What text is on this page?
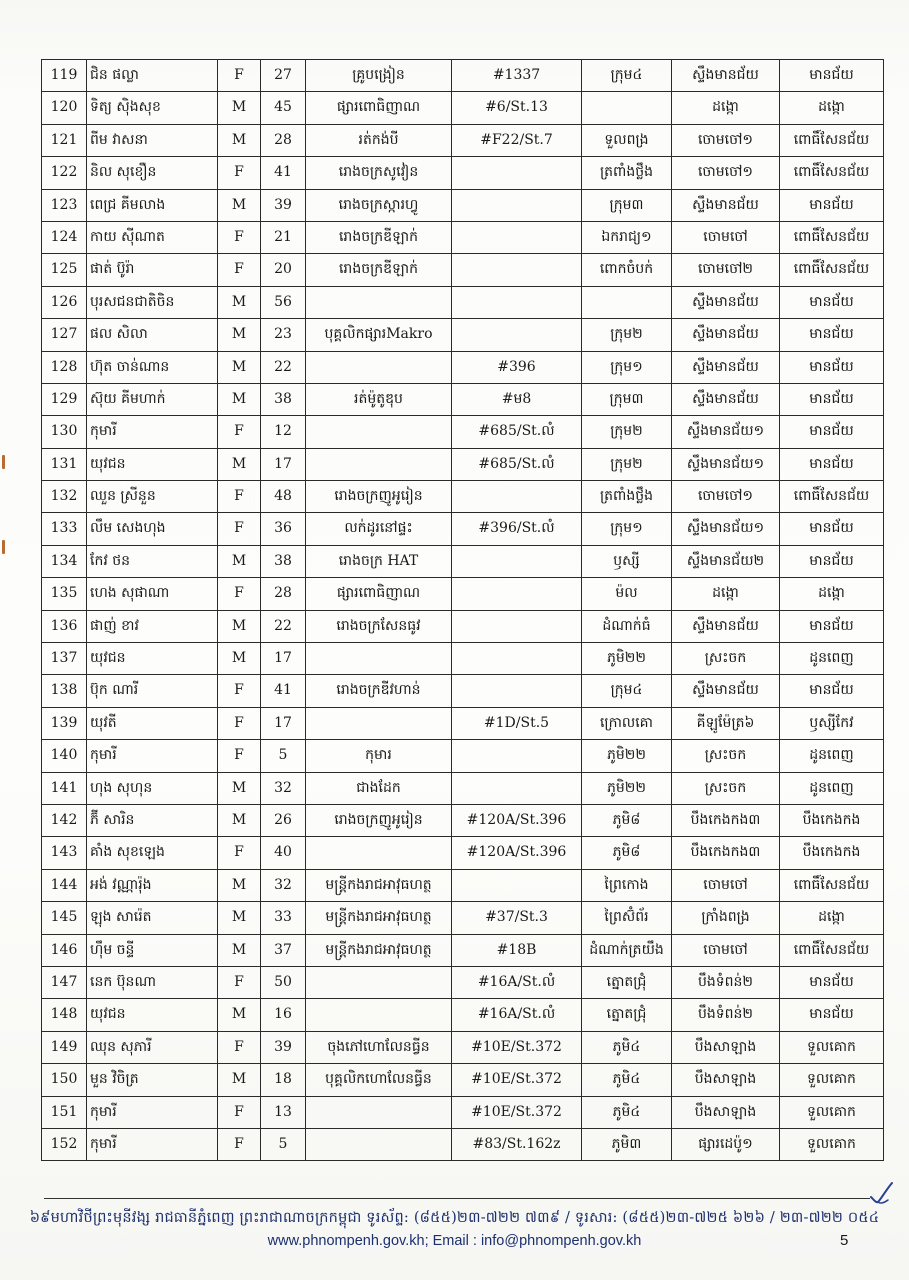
119	ជិន ផល្លា	F	27	គ្រូបង្រៀន	#1337	ក្រុម៤	ស្ទឹងមានជ័យ	មានជ័យ
120	ទិត្យ ស៊ិងសុខ	M	45	ផ្សារពោធិញាណ	#6/St.13		ដង្កោ	ដង្កោ
121	ពីម វាសនា	M	28	រត់កង់បី	#F22/St.7	ទួលពង្រ	ចោមចៅ១	ពោធិ៍សែនជ័យ
122	និល សុខឿន	F	41	រោងចក្រសូវៀន		ត្រពាំងថ្លឹង	ចោមចៅ១	ពោធិ៍សែនជ័យ
123	ពេជ្រ គីមលាង	M	39	រោងចក្រស្ការហ្វូ		ក្រុម៣	ស្ទឹងមានជ័យ	មានជ័យ
124	កាយ ស៊ីណាត	F	21	រោងចក្រឌីឡាក់		ឯករាជ្យ១	ចោមចៅ	ពោធិ៍សែនជ័យ
125	ផាត់ ប៊ូរ៉ា	F	20	រោងចក្រឌីឡាក់		ពោកចំបក់	ចោមចៅ២	ពោធិ៍សែនជ័យ
126	បុរសជនជាតិចិន	M	56				ស្ទឹងមានជ័យ	មានជ័យ
127	ផល សិលា	M	23	បុគ្គលិកផ្សារMakro		ក្រុម២	ស្ទឹងមានជ័យ	មានជ័យ
128	ហ៊ុត ចាន់ណាន	M	22		#396	ក្រុម១	ស្ទឹងមានជ័យ	មានជ័យ
129	ស៊ុយ គីមហាក់	M	38	រត់ម៉ូតូឌុប	#ម8	ក្រុម៣	ស្ទឹងមានជ័យ	មានជ័យ
130	កុមារី	F	12		#685/St.លំ	ក្រុម២	ស្ទឹងមានជ័យ១	មានជ័យ
131	យុវជន	M	17		#685/St.លំ	ក្រុម២	ស្ទឹងមានជ័យ១	មានជ័យ
132	ឈួន ស្រីនួន	F	48	រោងចក្រញូអូរៀន		ត្រពាំងថ្លឹង	ចោមចៅ១	ពោធិ៍សែនជ័យ
133	លឹម សេងហុង	F	36	លក់ដូរនៅផ្ទះ	#396/St.លំ	ក្រុម១	ស្ទឹងមានជ័យ១	មានជ័យ
134	កែវ ថន	M	38	រោងចក្រ HAT		ឫស្សី	ស្ទឹងមានជ័យ២	មានជ័យ
135	ហេង សុផាណា	F	28	ផ្សារពោធិញាណ		ម៉ល	ដង្កោ	ដង្កោ
136	ផាញ់ ខាវ	M	22	រោងចក្រសែនធូវ		ដំណាក់ធំ	ស្ទឹងមានជ័យ	មានជ័យ
137	យុវជន	M	17			ភូមិ២២	ស្រះចក	ដូនពេញ
138	ប៊ុក ណារី	F	41	រោងចក្រឌីវហាន់		ក្រុម៤	ស្ទឹងមានជ័យ	មានជ័យ
139	យុវតី	F	17		#1D/St.5	ក្រោលគោ	គីឡូម៉ែត្រ៦	ឫស្សីកែវ
140	កុមារី	F	5	កុមារ		ភូមិ២២	ស្រះចក	ដូនពេញ
141	ហុង សុហុន	M	32	ជាងដែក		ភូមិ២២	ស្រះចក	ដូនពេញ
142	ភ៊ី សារិន	M	26	រោងចក្រញូអូរៀន	#120A/St.396	ភូមិ៨	បឹងកេងកង៣	បឹងកេងកង
143	គាំង សុខឡេង	F	40		#120A/St.396	ភូមិ៨	បឹងកេងកង៣	បឹងកេងកង
144	អង់ វណ្ណារ៉ុង	M	32	មន្ត្រីកងរាជអាវុធហត្ថ		ព្រៃកោង	ចោមចៅ	ពោធិ៍សែនជ័យ
145	ឡុង សារ៉េត	M	33	មន្ត្រីកងរាជអាវុធហត្ថ	#37/St.3	ព្រៃស៊ំព័រ	ក្រាំងពង្រ	ដង្កោ
146	ហ៊ឹម ចន្ទី	M	37	មន្ត្រីកងរាជអាវុធហត្ថ	#18B	ដំណាក់ត្រយឹង	ចោមចៅ	ពោធិ៍សែនជ័យ
147	នេក ប៊ុនណា	F	50		#16A/St.លំ	ត្នោតជ្រុំ	បឹងទំពន់២	មានជ័យ
148	យុវជន	M	16		#16A/St.លំ	ត្នោតជ្រុំ	បឹងទំពន់២	មានជ័យ
149	ឈុន សុភារី	F	39	ចុងភៅហោលែនធ្វីន	#10E/St.372	ភូមិ៤	បឹងសាឡាង	ទួលគោក
150	មួន វិចិត្រ	M	18	បុគ្គលិកហោលែនធ្វីន	#10E/St.372	ភូមិ៤	បឹងសាឡាង	ទួលគោក
151	កុមារី	F	13		#10E/St.372	ភូមិ៤	បឹងសាឡាង	ទួលគោក
152	កុមារី	F	5		#83/St.162z	ភូមិ៣	ផ្សារដេប៉ូ១	ទួលគោក
៦៩មហាវិថីព្រះមុនីវង្ស រាជធានីភ្នំពេញ ព្រះរាជាណាចក្រកម្ពុជា ទូរស័ព្ទ: (៨៥៥)២៣-៧២២ ៧៣៩ / ទូរសារ: (៨៥៥)២៣-៧២៥ ៦២៦ / ២៣-៧២២ ០៥៤
www.phnompenh.gov.kh; Email : info@phnompenh.gov.kh	5
